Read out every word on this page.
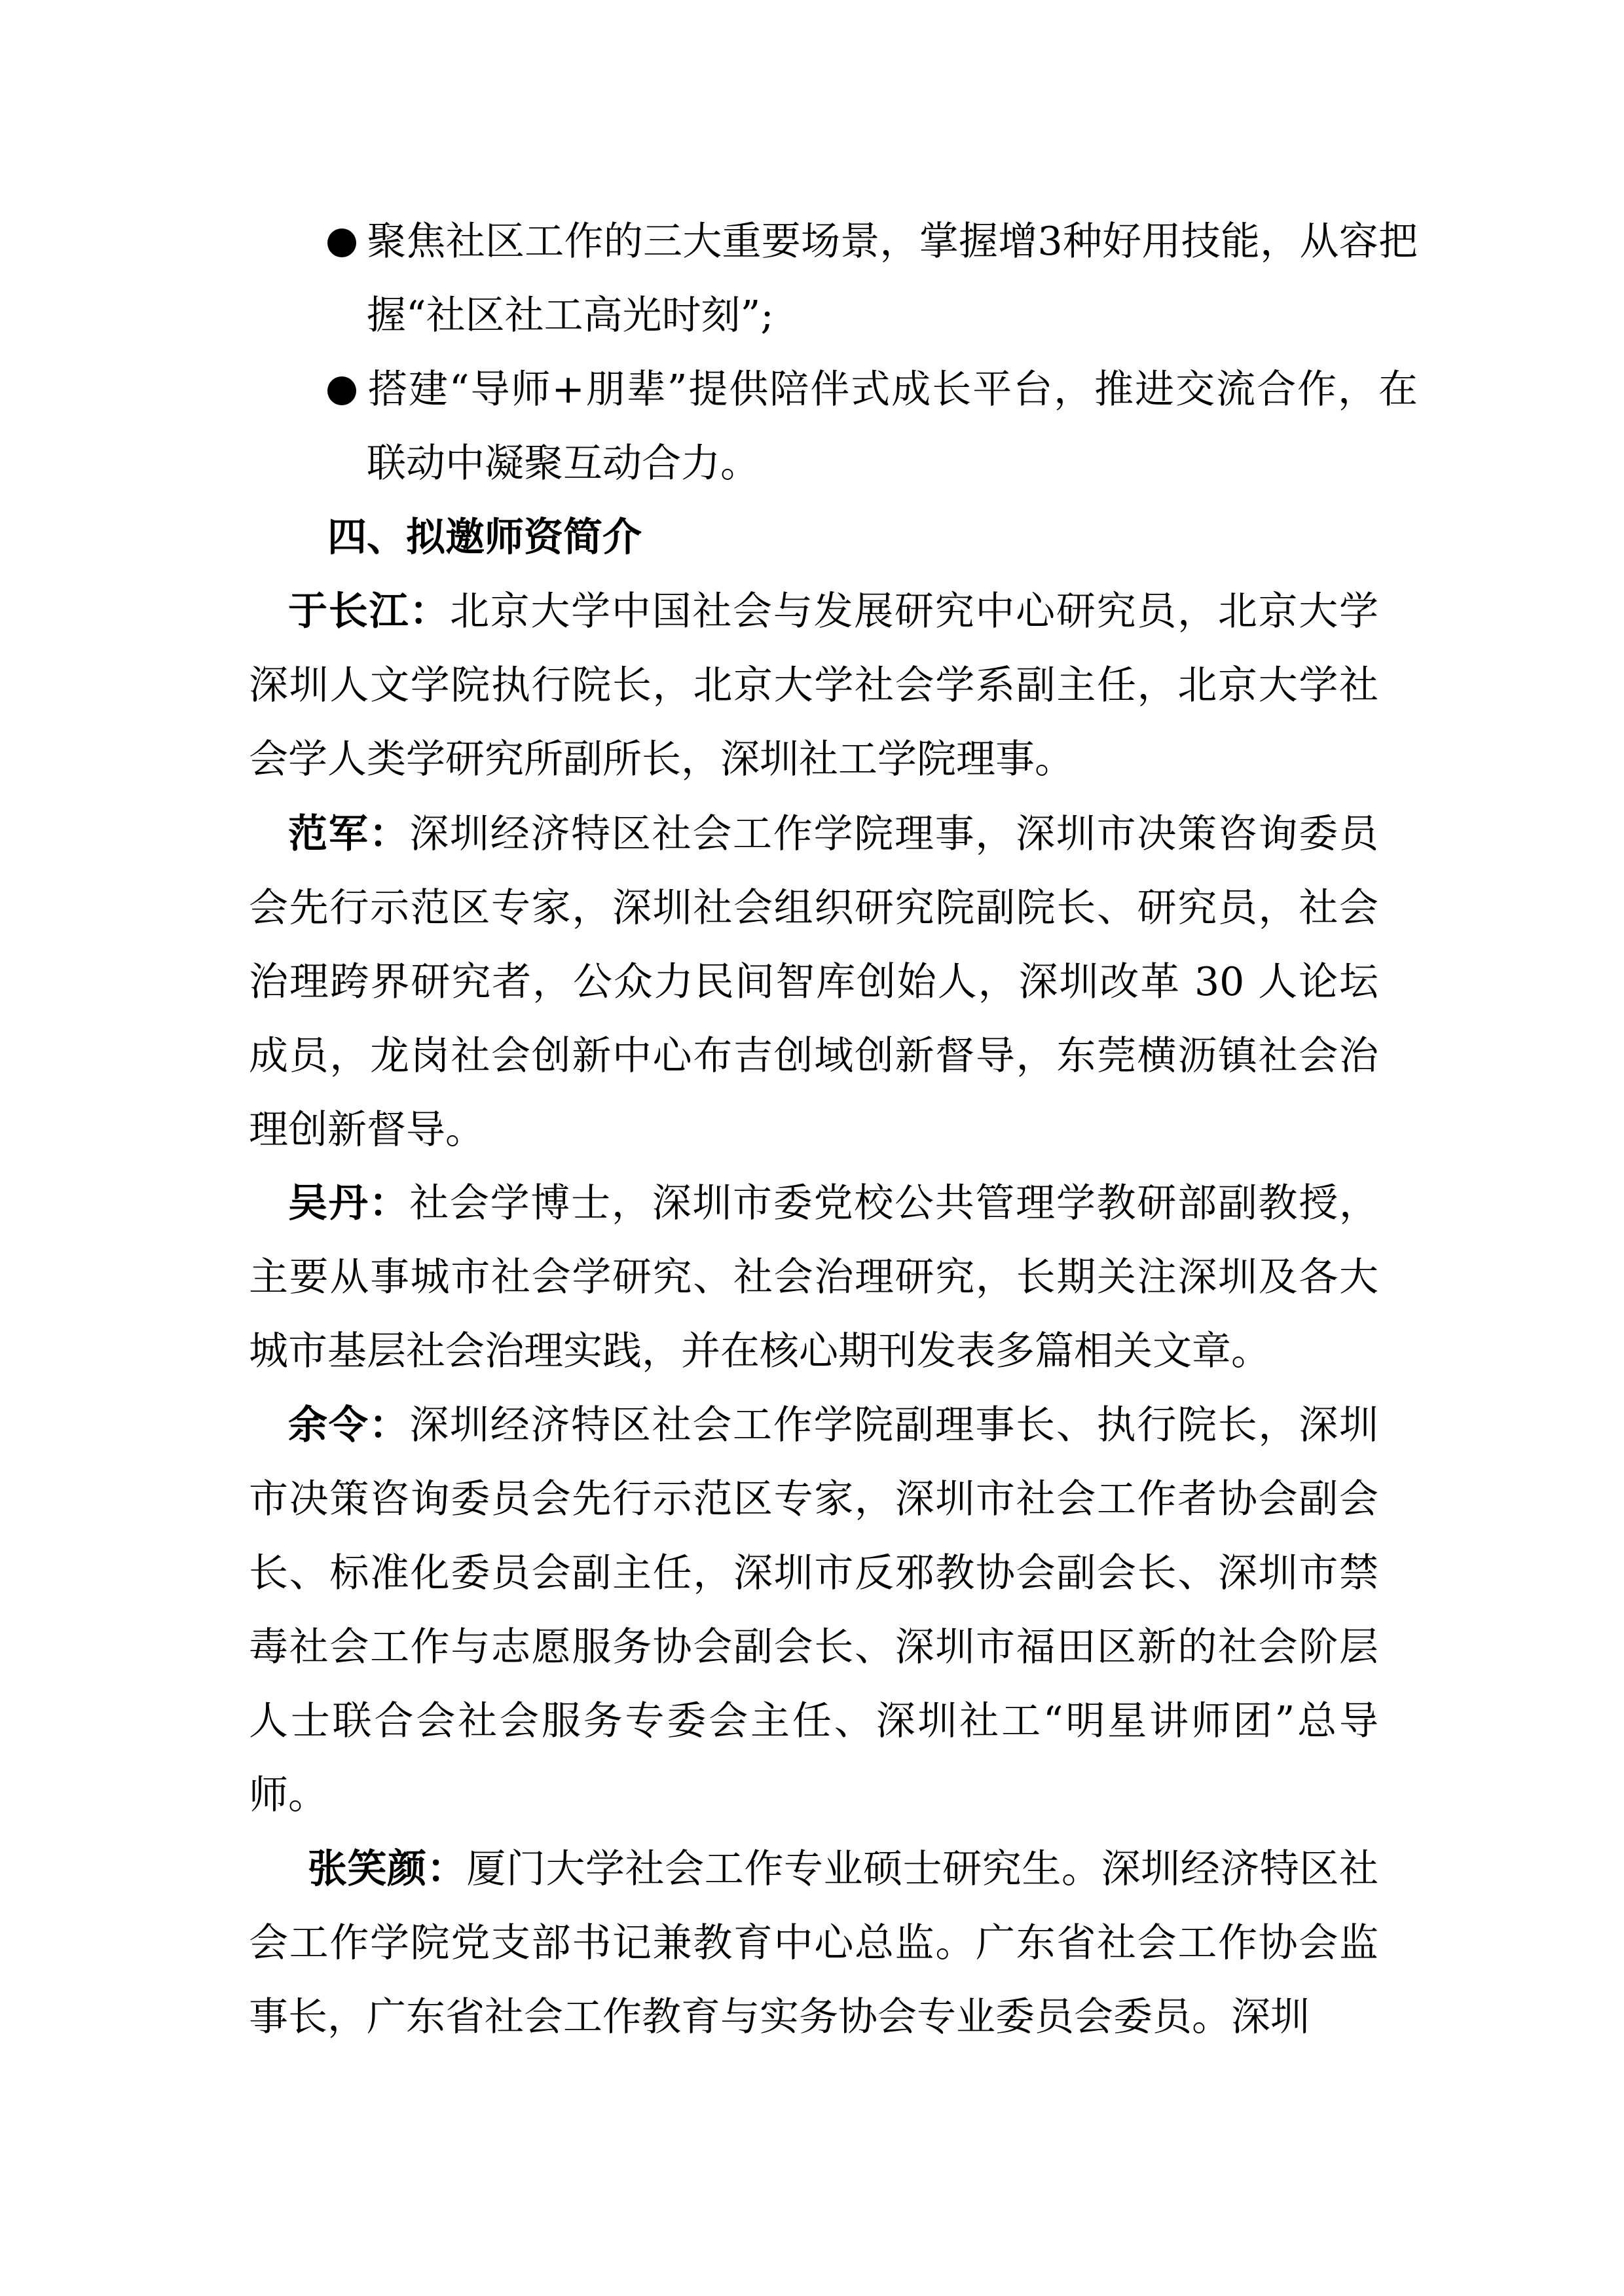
聚焦社区工作的三大重要场景，掌握增3种好用技能，从容把握“社区社工高光时刻”;
搭建“导师+朋辈”提供陪伴式成长平台，推进交流合作，在联动中凝聚互动合力。
四、拟邀师资简介
于长江：北京大学中国社会与发展研究中心研究员，北京大学深圳人文学院执行院长，北京大学社会学系副主任，北京大学社会学人类学研究所副所长，深圳社工学院理事。
范军：深圳经济特区社会工作学院理事，深圳市决策咨询委员会先行示范区专家，深圳社会组织研究院副院长、研究员，社会治理跨界研究者，公众力民间智库创始人，深圳改革 30 人论坛成员，龙岗社会创新中心布吉创域创新督导，东莞横沥镇社会治理创新督导。
吴丹：社会学博士，深圳市委党校公共管理学教研部副教授，主要从事城市社会学研究、社会治理研究，长期关注深圳及各大城市基层社会治理实践，并在核心期刊发表多篇相关文章。
余令：深圳经济特区社会工作学院副理事长、执行院长，深圳市决策咨询委员会先行示范区专家，深圳市社会工作者协会副会长、标准化委员会副主任，深圳市反邪教协会副会长、深圳市禁毒社会工作与志愿服务协会副会长、深圳市福田区新的社会阶层人士联合会社会服务专委会主任、深圳社工“明星讲师团”总导师。
张笑颜：厦门大学社会工作专业硕士研究生。深圳经济特区社会工作学院党支部书记兼教育中心总监。广东省社会工作协会监事长，广东省社会工作教育与实务协会专业委员会委员。深圳
